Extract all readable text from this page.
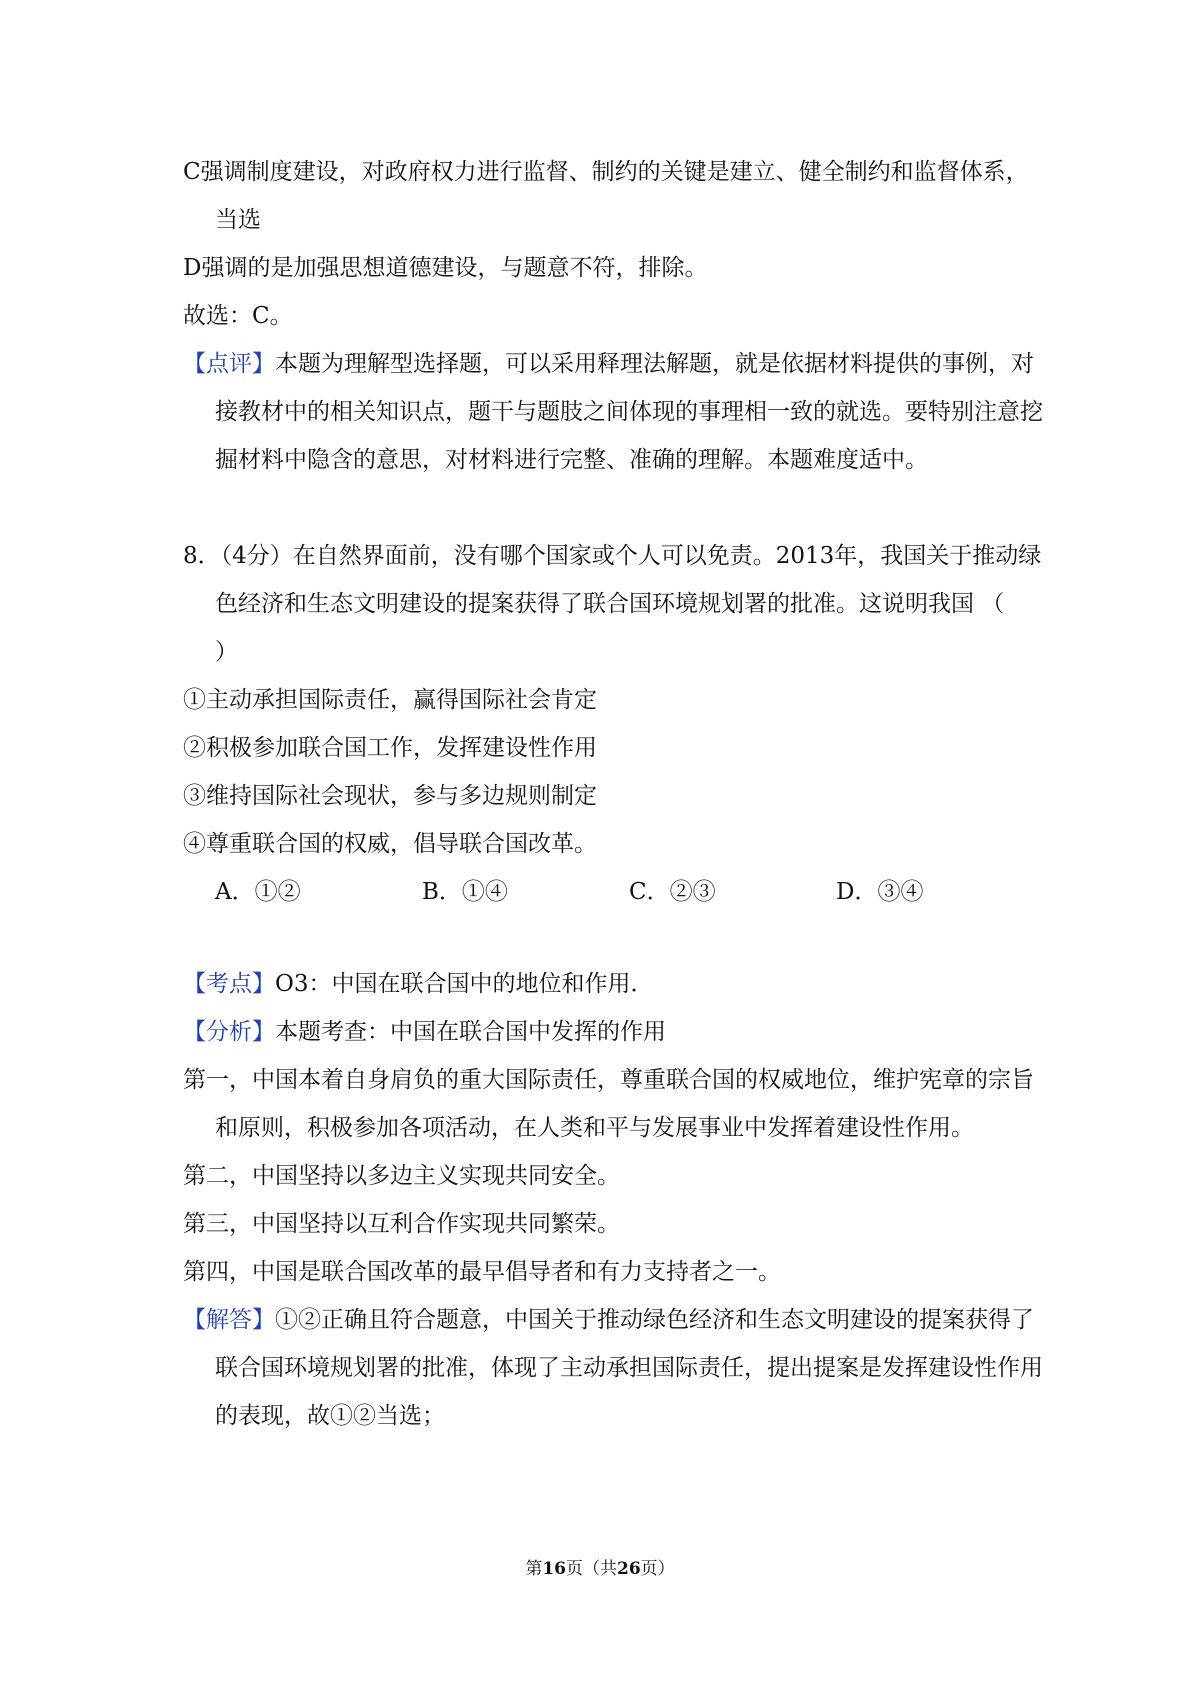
C强调制度建设，对政府权力进行监督、制约的关键是建立、健全制约和监督体系，当选

D强调的是加强思想道德建设，与题意不符，排除。

故选：C。

【点评】本题为理解型选择题，可以采用释理法解题，就是依据材料提供的事例，对接教材中的相关知识点，题干与题肢之间体现的事理相一致的就选。要特别注意挖掘材料中隐含的意思，对材料进行完整、准确的理解。本题难度适中。

8．（4分）在自然界面前，没有哪个国家或个人可以免责。2013年，我国关于推动绿色经济和生态文明建设的提案获得了联合国环境规划署的批准。这说明我国 （　　）

①主动承担国际责任，赢得国际社会肯定

②积极参加联合国工作，发挥建设性作用

③维持国际社会现状，参与多边规则制定

④尊重联合国的权威，倡导联合国改革。

A．①②	B．①④	C．②③	D．③④

【考点】O3：中国在联合国中的地位和作用．

【分析】本题考查：中国在联合国中发挥的作用

第一，中国本着自身肩负的重大国际责任，尊重联合国的权威地位，维护宪章的宗旨和原则，积极参加各项活动，在人类和平与发展事业中发挥着建设性作用。

第二，中国坚持以多边主义实现共同安全。

第三，中国坚持以互利合作实现共同繁荣。

第四，中国是联合国改革的最早倡导者和有力支持者之一。

【解答】①②正确且符合题意，中国关于推动绿色经济和生态文明建设的提案获得了联合国环境规划署的批准，体现了主动承担国际责任，提出提案是发挥建设性作用的表现，故①②当选；

第16页（共26页）
